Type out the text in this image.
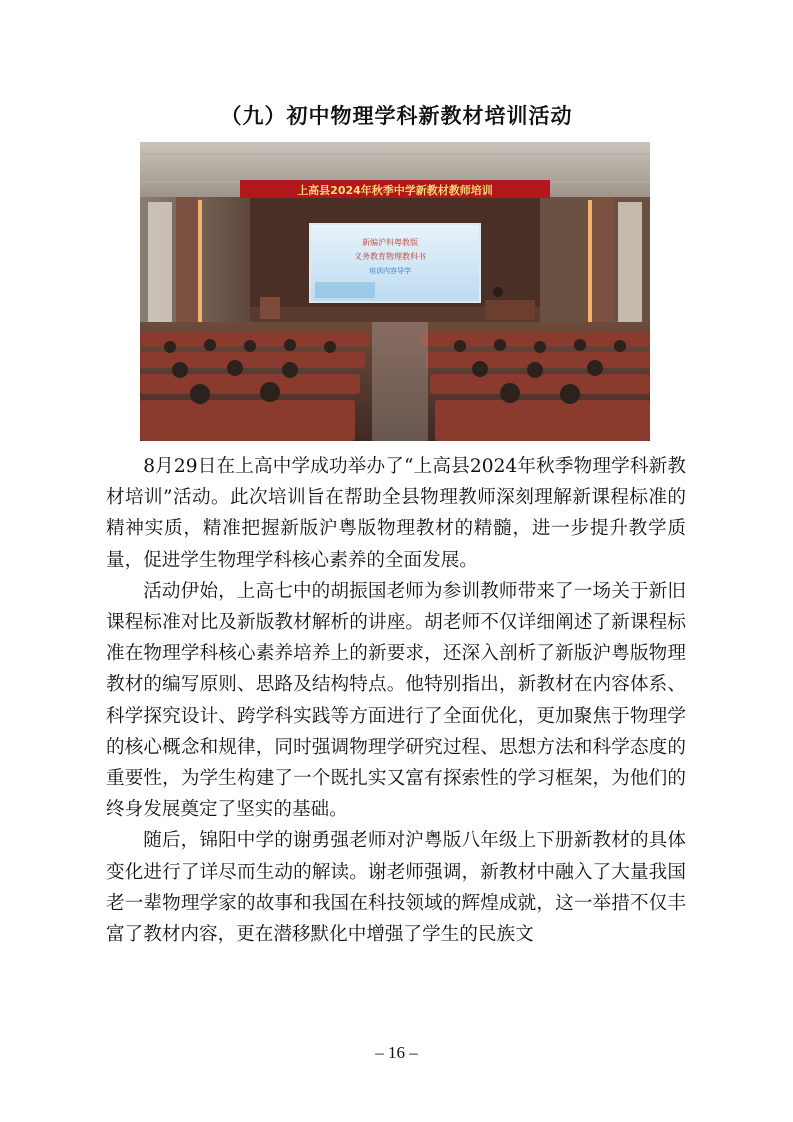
（九）初中物理学科新教材培训活动
上高县2024年秋季中学新教材教师培训
新编沪科粤教版
义务教育物理教科书
培训内容导学

8月29日在上高中学成功举办了“上高县2024年秋季物理学科新教材培训”活动。此次培训旨在帮助全县物理教师深刻理解新课程标准的精神实质，精准把握新版沪粤版物理教材的精髓，进一步提升教学质量，促进学生物理学科核心素养的全面发展。

活动伊始，上高七中的胡振国老师为参训教师带来了一场关于新旧课程标准对比及新版教材解析的讲座。胡老师不仅详细阐述了新课程标准在物理学科核心素养培养上的新要求，还深入剖析了新版沪粤版物理教材的编写原则、思路及结构特点。他特别指出，新教材在内容体系、科学探究设计、跨学科实践等方面进行了全面优化，更加聚焦于物理学的核心概念和规律，同时强调物理学研究过程、思想方法和科学态度的重要性，为学生构建了一个既扎实又富有探索性的学习框架，为他们的终身发展奠定了坚实的基础。

随后，锦阳中学的谢勇强老师对沪粤版八年级上下册新教材的具体变化进行了详尽而生动的解读。谢老师强调，新教材中融入了大量我国老一辈物理学家的故事和我国在科技领域的辉煌成就，这一举措不仅丰富了教材内容，更在潜移默化中增强了学生的民族文

– 16 –
